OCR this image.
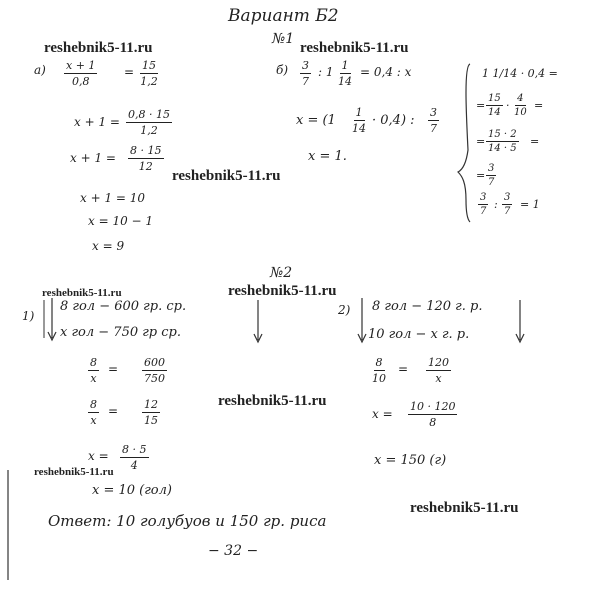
Вариант Б2
reshebnik5-11.ru	reshebnik5-11.ru
reshebnik5-11.ru
reshebnik5-11.ru	reshebnik5-11.ru
reshebnik5-11.ru
reshebnik5-11.ru
reshebnik5-11.ru
№1
$а) \frac{x + 1}{0,8} = \frac{15}{1,2}$
$x + 1 = \frac{0,8 \cdot 15}{1,2}$
$x + 1 = \frac{8 \cdot 15}{12}$
x + 1 = 10
x = 10 − 1
x = 9
$б) \frac{3}{7}$ : $1 \frac{1}{14} = 0,4$ : x
$x = (1 \frac{1}{14} \cdot 0,4)$ : $\frac{3}{7}$
x = 1.
1 1/14 · 0,4 =
= $\frac{15}{14} \cdot \frac{4}{10}$ =
= $\frac{15 \cdot 2}{14 \cdot 5}$ =
= $\frac{3}{7}$
$\frac{3}{7}$ : $\frac{3}{7} = 1$
№2
1)
8 гол − 600 гр. ср.
x гол − 750 гр ср.
$\frac{8}{x} = \frac{600}{750}$
$\frac{8}{x} = \frac{12}{15}$
$x = \frac{8 \cdot 5}{4}$
x = 10 (гол)
2) 8 гол − 120 г. р.
10 гол − x г. р.
$\frac{8}{10} = \frac{120}{x}$
$x = \frac{10 \cdot 120}{8}$
x = 150 (г)
Ответ: 10 голубуов и 150 гр. риса
− 32 −
